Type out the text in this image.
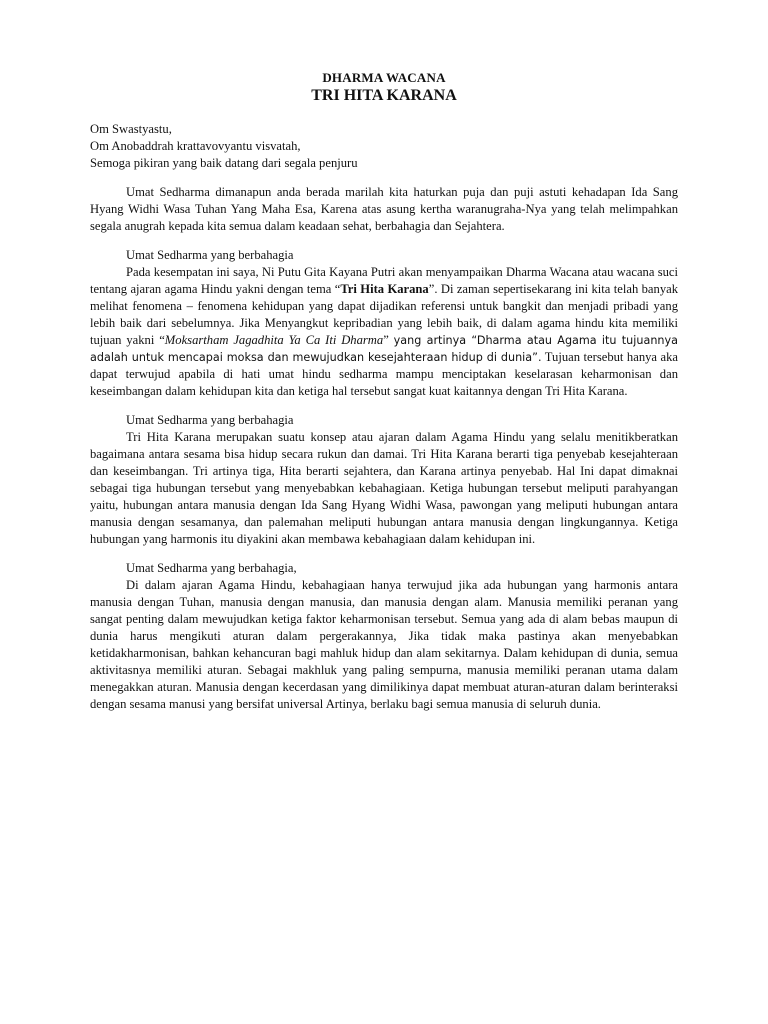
DHARMA WACANA
TRI HITA KARANA
Om Swastyastu,
Om Anobaddrah krattavovyantu visvatah,
Semoga pikiran yang baik datang dari segala penjuru

Umat Sedharma dimanapun anda berada marilah kita haturkan puja dan puji astuti kehadapan Ida Sang Hyang Widhi Wasa Tuhan Yang Maha Esa, Karena atas asung kertha waranugraha-Nya yang telah melimpahkan segala anugrah kepada kita semua dalam keadaan sehat, berbahagia dan Sejahtera.

Umat Sedharma yang berbahagia

Pada kesempatan ini saya, Ni Putu Gita Kayana Putri akan menyampaikan Dharma Wacana atau wacana suci tentang ajaran agama Hindu yakni dengan tema “Tri Hita Karana”. Di zaman sepertisekarang ini kita telah banyak melihat fenomena – fenomena kehidupan yang dapat dijadikan referensi untuk bangkit dan menjadi pribadi yang lebih baik dari sebelumnya. Jika Menyangkut kepribadian yang lebih baik, di dalam agama hindu kita memiliki tujuan yakni “Moksartham Jagadhita Ya Ca Iti Dharma” yang artinya “Dharma atau Agama itu tujuannya adalah untuk mencapai moksa dan mewujudkan kesejahteraan hidup di dunia”. Tujuan tersebut hanya aka dapat terwujud apabila di hati umat hindu sedharma mampu menciptakan keselarasan keharmonisan dan keseimbangan dalam kehidupan kita dan ketiga hal tersebut sangat kuat kaitannya dengan Tri Hita Karana.

Umat Sedharma yang berbahagia

Tri Hita Karana merupakan suatu konsep atau ajaran dalam Agama Hindu yang selalu menitikberatkan bagaimana antara sesama bisa hidup secara rukun dan damai. Tri Hita Karana berarti tiga penyebab kesejahteraan dan keseimbangan. Tri artinya tiga, Hita berarti sejahtera, dan Karana artinya penyebab. Hal Ini dapat dimaknai sebagai tiga hubungan tersebut yang menyebabkan kebahagiaan. Ketiga hubungan tersebut meliputi parahyangan yaitu, hubungan antara manusia dengan Ida Sang Hyang Widhi Wasa, pawongan yang meliputi hubungan antara manusia dengan sesamanya, dan palemahan meliputi hubungan antara manusia dengan lingkungannya. Ketiga hubungan yang harmonis itu diyakini akan membawa kebahagiaan dalam kehidupan ini.

Umat Sedharma yang berbahagia,

Di dalam ajaran Agama Hindu, kebahagiaan hanya terwujud jika ada hubungan yang harmonis antara manusia dengan Tuhan, manusia dengan manusia, dan manusia dengan alam. Manusia memiliki peranan yang sangat penting dalam mewujudkan ketiga faktor keharmonisan tersebut. Semua yang ada di alam bebas maupun di dunia harus mengikuti aturan dalam pergerakannya, Jika tidak maka pastinya akan menyebabkan ketidakharmonisan, bahkan kehancuran bagi mahluk hidup dan alam sekitarnya. Dalam kehidupan di dunia, semua aktivitasnya memiliki aturan. Sebagai makhluk yang paling sempurna, manusia memiliki peranan utama dalam menegakkan aturan. Manusia dengan kecerdasan yang dimilikinya dapat membuat aturan-aturan dalam berinteraksi dengan sesama manusi yang bersifat universal Artinya, berlaku bagi semua manusia di seluruh dunia.
